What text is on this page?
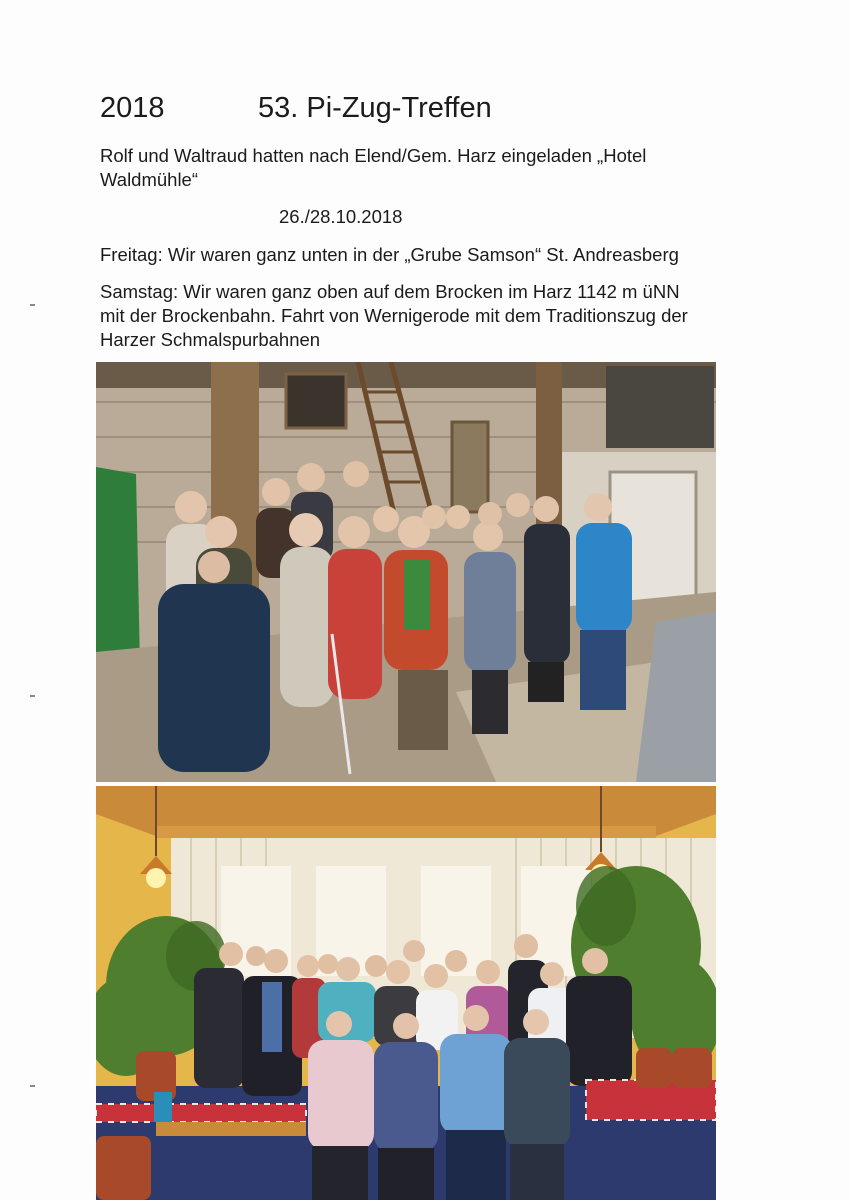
2018	53. Pi-Zug-Treffen
Rolf und Waltraud hatten nach Elend/Gem. Harz eingeladen „Hotel
Waldmühle“
26./28.10.2018
Freitag: Wir waren ganz unten in der „Grube Samson“ St. Andreasberg
Samstag: Wir waren ganz oben auf dem Brocken im Harz 1142 m üNN
mit der Brockenbahn. Fahrt von Wernigerode mit dem Traditionszug der
Harzer Schmalspurbahnen
